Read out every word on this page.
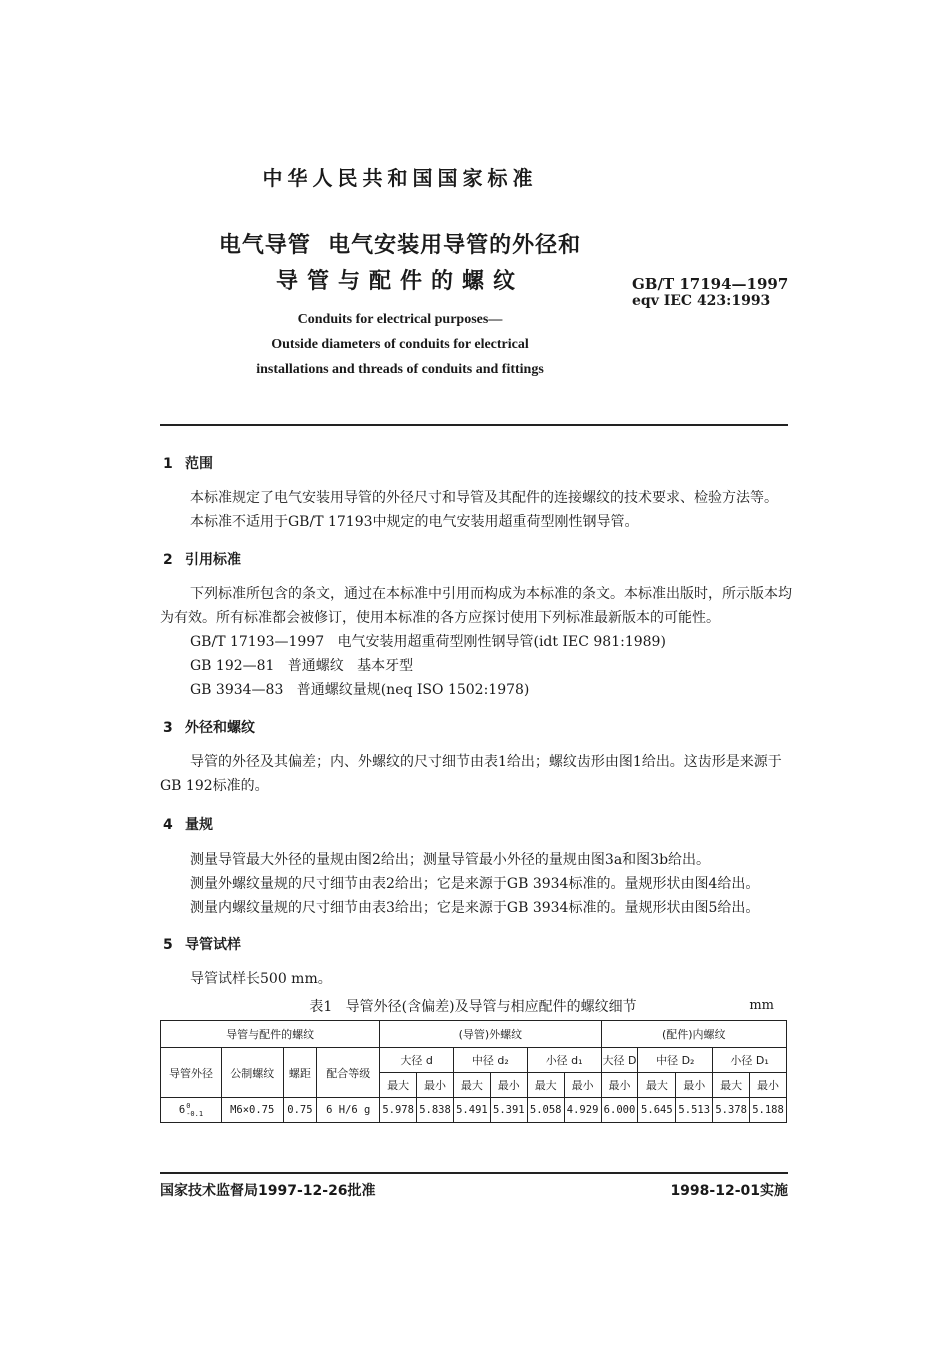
中华人民共和国国家标准
电气导管  电气安装用导管的外径和
导管与配件的螺纹	GB/T 17194—1997
eqv IEC 423:1993
Conduits for electrical purposes—
Outside diameters of conduits for electrical
installations and threads of conduits and fittings
1 范围
本标准规定了电气安装用导管的外径尺寸和导管及其配件的连接螺纹的技术要求、检验方法等。
本标准不适用于GB/T 17193中规定的电气安装用超重荷型刚性钢导管。
2 引用标准
下列标准所包含的条文，通过在本标准中引用而构成为本标准的条文。本标准出版时，所示版本均为有效。所有标准都会被修订，使用本标准的各方应探讨使用下列标准最新版本的可能性。
GB/T 17193—1997   电气安装用超重荷型刚性钢导管(idt IEC 981:1989)
GB 192—81   普通螺纹   基本牙型
GB 3934—83   普通螺纹量规(neq ISO 1502:1978)
3 外径和螺纹
导管的外径及其偏差；内、外螺纹的尺寸细节由表1给出；螺纹齿形由图1给出。这齿形是来源于GB 192标准的。
4 量规
测量导管最大外径的量规由图2给出；测量导管最小外径的量规由图3a和图3b给出。
测量外螺纹量规的尺寸细节由表2给出；它是来源于GB 3934标准的。量规形状由图4给出。
测量内螺纹量规的尺寸细节由表3给出；它是来源于GB 3934标准的。量规形状由图5给出。
5 导管试样
导管试样长500 mm。
表1   导管外径(含偏差)及导管与相应配件的螺纹细节	mm
导管与配件的螺纹				(导管)外螺纹						(配件)内螺纹				
导管外径	公制螺纹	螺距	配合等级	大径 d		中径 d₂		小径 d₁		大径 D	中径 D₂		小径 D₁	
				最大	最小	最大	最小	最大	最小	最小	最大	最小	最大	最小
6 0
-0.1	M6×0.75	0.75	6 H/6 g	5.978	5.838	5.491	5.391	5.058	4.929	6.000	5.645	5.513	5.378	5.188
国家技术监督局1997-12-26批准	1998-12-01实施
